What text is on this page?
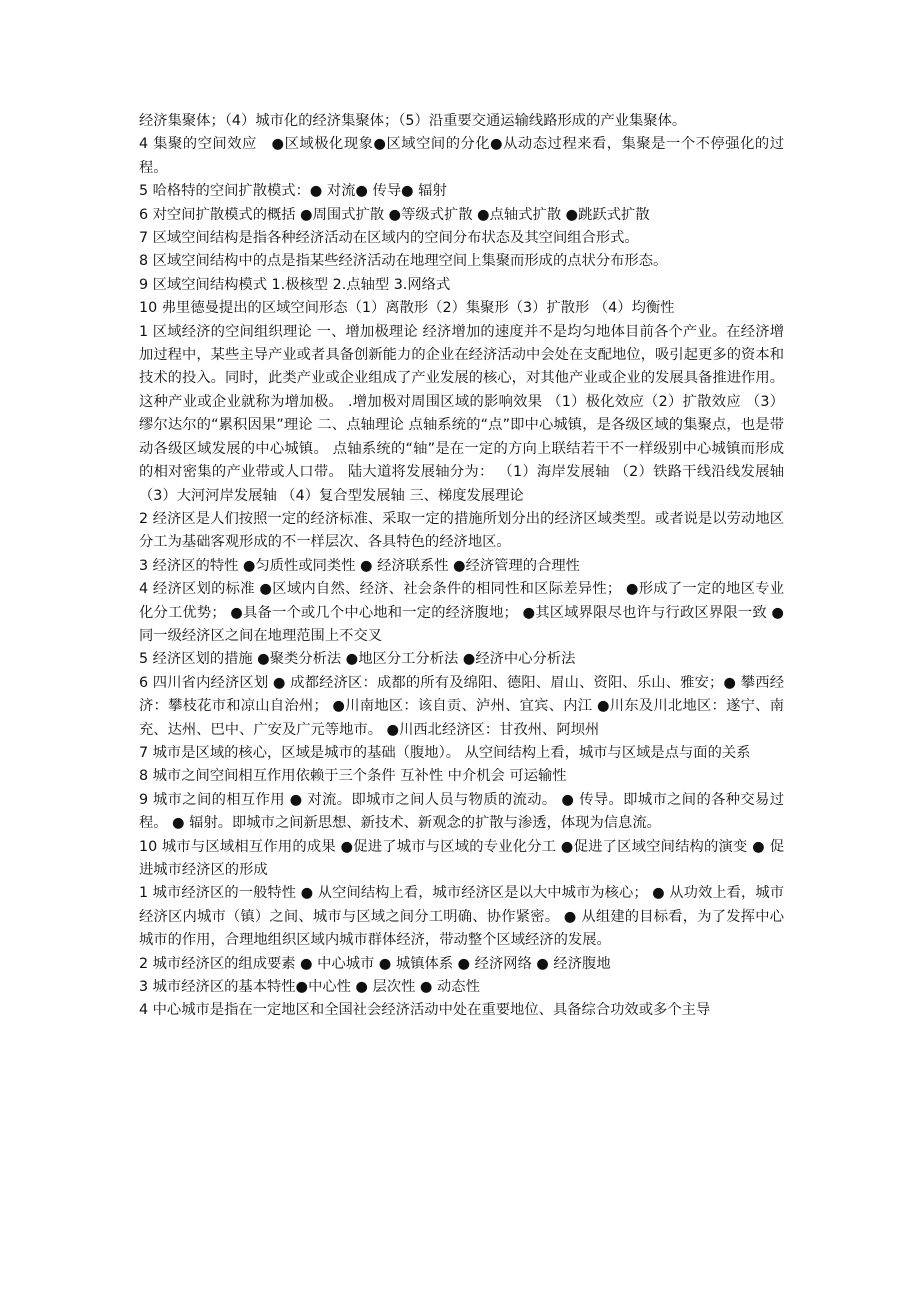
经济集聚体；（4）城市化的经济集聚体；（5）沿重要交通运输线路形成的产业集聚体。

4 集聚的空间效应　●区域极化现象●区域空间的分化●从动态过程来看，集聚是一个不停强化的过程。

5 哈格特的空间扩散模式：● 对流● 传导● 辐射

6 对空间扩散模式的概括 ●周围式扩散 ●等级式扩散 ●点轴式扩散 ●跳跃式扩散

7 区域空间结构是指各种经济活动在区域内的空间分布状态及其空间组合形式。

8 区域空间结构中的点是指某些经济活动在地理空间上集聚而形成的点状分布形态。

9 区域空间结构模式 1.极核型 2.点轴型 3.网络式

10 弗里德曼提出的区域空间形态（1）离散形（2）集聚形（3）扩散形 （4）均衡性

1 区域经济的空间组织理论 一、增加极理论 经济增加的速度并不是均匀地体目前各个产业。在经济增加过程中，某些主导产业或者具备创新能力的企业在经济活动中会处在支配地位，吸引起更多的资本和技术的投入。同时，此类产业或企业组成了产业发展的核心，对其他产业或企业的发展具备推进作用。这种产业或企业就称为增加极。 .增加极对周围区域的影响效果 （1）极化效应（2）扩散效应 （3）缪尔达尔的“累积因果”理论 二、点轴理论 点轴系统的“点”即中心城镇，是各级区域的集聚点，也是带动各级区域发展的中心城镇。 点轴系统的“轴”是在一定的方向上联结若干不一样级别中心城镇而形成的相对密集的产业带或人口带。 陆大道将发展轴分为： （1）海岸发展轴 （2）铁路干线沿线发展轴 （3）大河河岸发展轴 （4）复合型发展轴 三、梯度发展理论

2 经济区是人们按照一定的经济标准、采取一定的措施所划分出的经济区域类型。或者说是以劳动地区分工为基础客观形成的不一样层次、各具特色的经济地区。

3 经济区的特性 ●匀质性或同类性 ● 经济联系性 ●经济管理的合理性

4 经济区划的标准 ●区域内自然、经济、社会条件的相同性和区际差异性； ●形成了一定的地区专业化分工优势； ●具备一个或几个中心地和一定的经济腹地； ●其区域界限尽也许与行政区界限一致 ●同一级经济区之间在地理范围上不交叉

5 经济区划的措施 ●聚类分析法 ●地区分工分析法 ●经济中心分析法

6 四川省内经济区划 ● 成都经济区：成都的所有及绵阳、德阳、眉山、资阳、乐山、雅安；● 攀西经济：攀枝花市和凉山自治州； ●川南地区：该自贡、泸州、宜宾、内江 ●川东及川北地区：遂宁、南充、达州、巴中、广安及广元等地市。 ●川西北经济区：甘孜州、阿坝州

7 城市是区域的核心，区域是城市的基础（腹地）。 从空间结构上看，城市与区域是点与面的关系

8 城市之间空间相互作用依赖于三个条件 互补性 中介机会 可运输性

9 城市之间的相互作用 ● 对流。即城市之间人员与物质的流动。 ● 传导。即城市之间的各种交易过程。 ● 辐射。即城市之间新思想、新技术、新观念的扩散与渗透，体现为信息流。

10 城市与区域相互作用的成果 ●促进了城市与区域的专业化分工 ●促进了区域空间结构的演变 ● 促进城市经济区的形成

1 城市经济区的一般特性 ● 从空间结构上看，城市经济区是以大中城市为核心； ● 从功效上看，城市经济区内城市（镇）之间、城市与区域之间分工明确、协作紧密。 ● 从组建的目标看，为了发挥中心城市的作用，合理地组织区域内城市群体经济，带动整个区域经济的发展。

2 城市经济区的组成要素 ● 中心城市 ● 城镇体系 ● 经济网络 ● 经济腹地

3 城市经济区的基本特性●中心性 ● 层次性 ● 动态性

4 中心城市是指在一定地区和全国社会经济活动中处在重要地位、具备综合功效或多个主导
